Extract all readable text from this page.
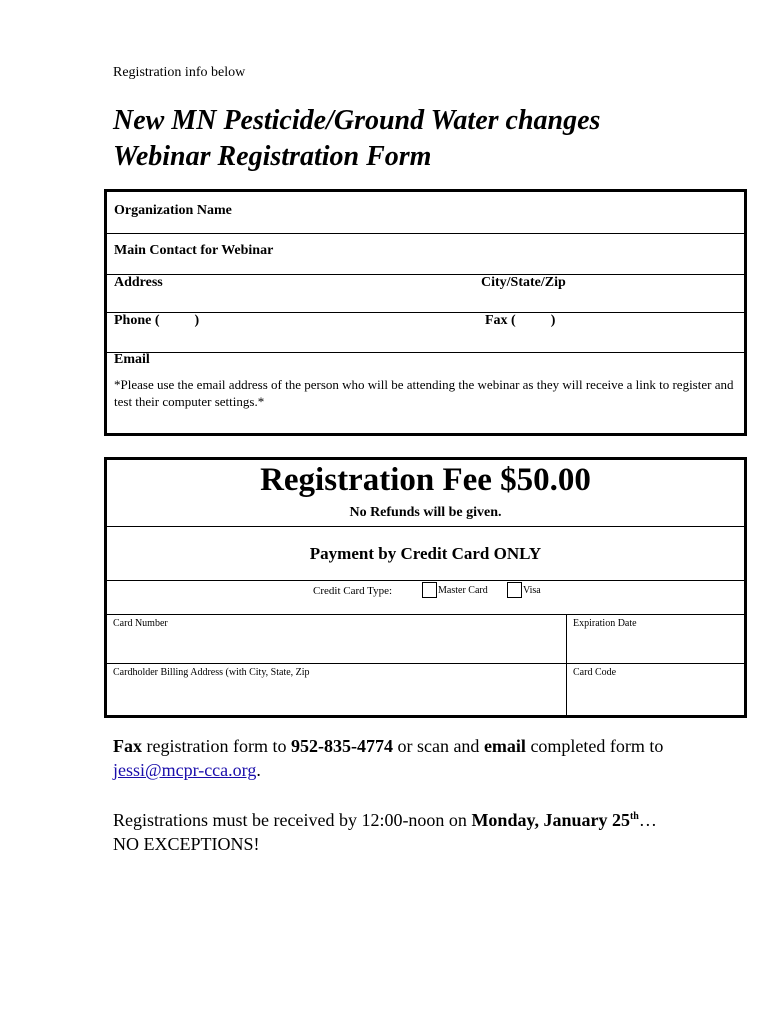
Registration info below
New MN Pesticide/Ground Water changes
Webinar Registration Form
Organization Name
Main Contact for Webinar
Address	City/State/Zip
Phone (          )	Fax (          )
Email
*Please use the email address of the person who will be attending the webinar as they will receive a link to register and test their computer settings.*
Registration Fee $50.00
No Refunds will be given.
Payment by Credit Card ONLY
Credit Card Type:	Master Card	Visa
Card Number	Expiration Date
Cardholder Billing Address (with City, State, Zip	Card Code
Fax registration form to 952-835-4774 or scan and email completed form to jessi@mcpr-cca.org.
Registrations must be received by 12:00-noon on Monday, January 25th…NO EXCEPTIONS!
